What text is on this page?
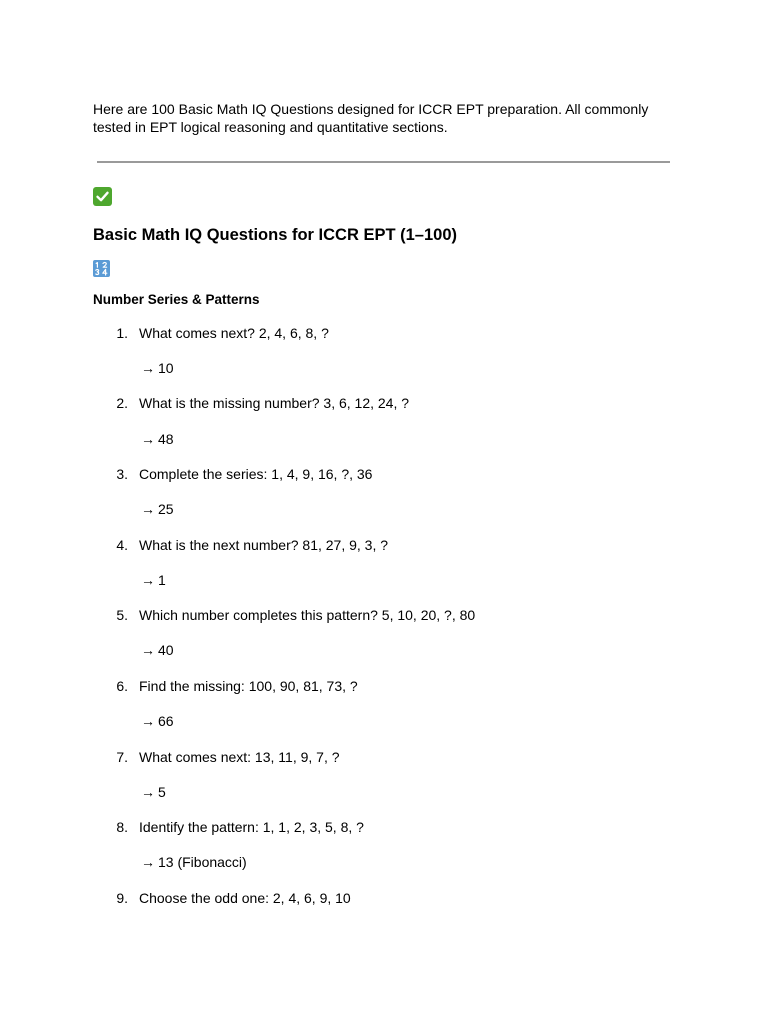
Here are 100 Basic Math IQ Questions designed for ICCR EPT preparation. All commonly tested in EPT logical reasoning and quantitative sections.

Basic Math IQ Questions for ICCR EPT (1–100)
Number Series & Patterns
1. What comes next? 2, 4, 6, 8, ?
→ 10
2. What is the missing number? 3, 6, 12, 24, ?
→ 48
3. Complete the series: 1, 4, 9, 16, ?, 36
→ 25
4. What is the next number? 81, 27, 9, 3, ?
→ 1
5. Which number completes this pattern? 5, 10, 20, ?, 80
→ 40
6. Find the missing: 100, 90, 81, 73, ?
→ 66
7. What comes next: 13, 11, 9, 7, ?
→ 5
8. Identify the pattern: 1, 1, 2, 3, 5, 8, ?
→ 13 (Fibonacci)
9. Choose the odd one: 2, 4, 6, 9, 10
